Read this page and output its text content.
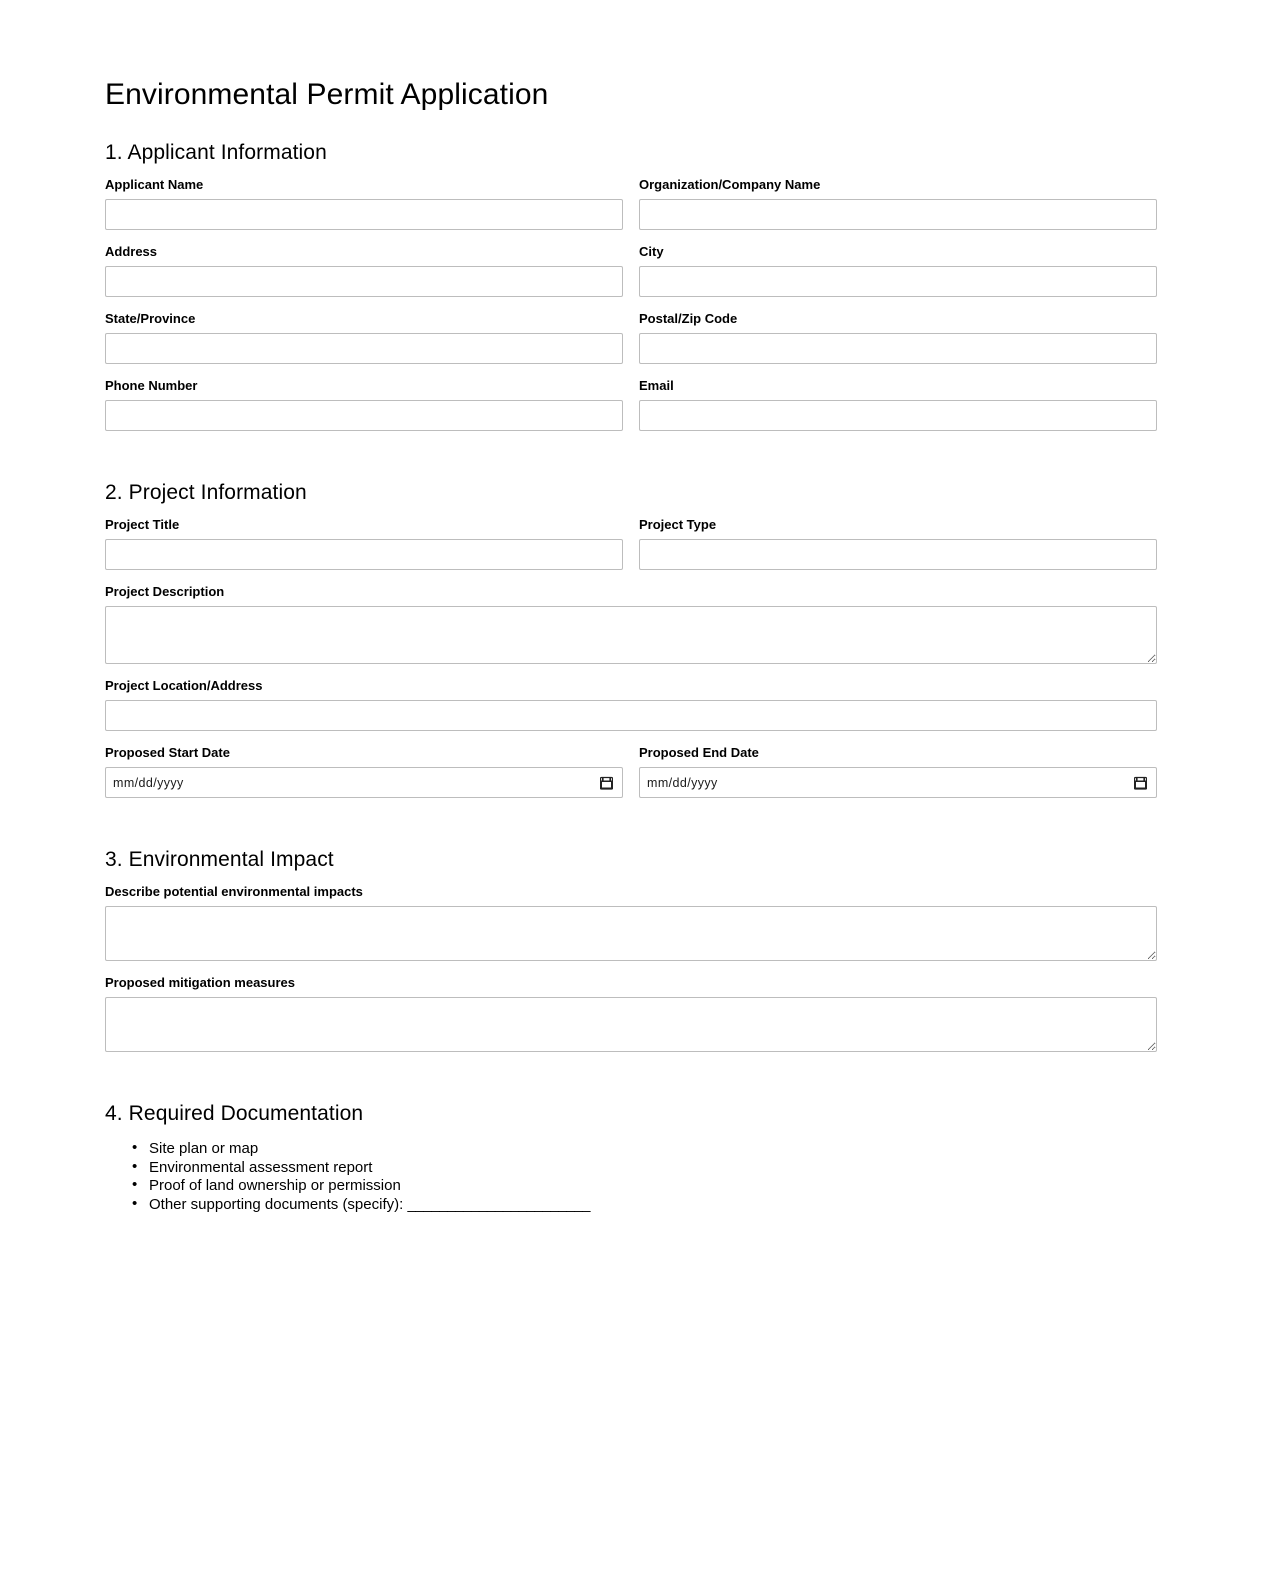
Environmental Permit Application
1. Applicant Information
Applicant Name	Organization/Company Name
Address	City
State/Province	Postal/Zip Code
Phone Number	Email
2. Project Information
Project Title	Project Type
Project Description
Project Location/Address
Proposed Start Date
mm/dd/yyyy
Proposed End Date
mm/dd/yyyy
3. Environmental Impact
Describe potential environmental impacts
Proposed mitigation measures
4. Required Documentation
• Site plan or map
• Environmental assessment report
• Proof of land ownership or permission
• Other supporting documents (specify): _______________________
